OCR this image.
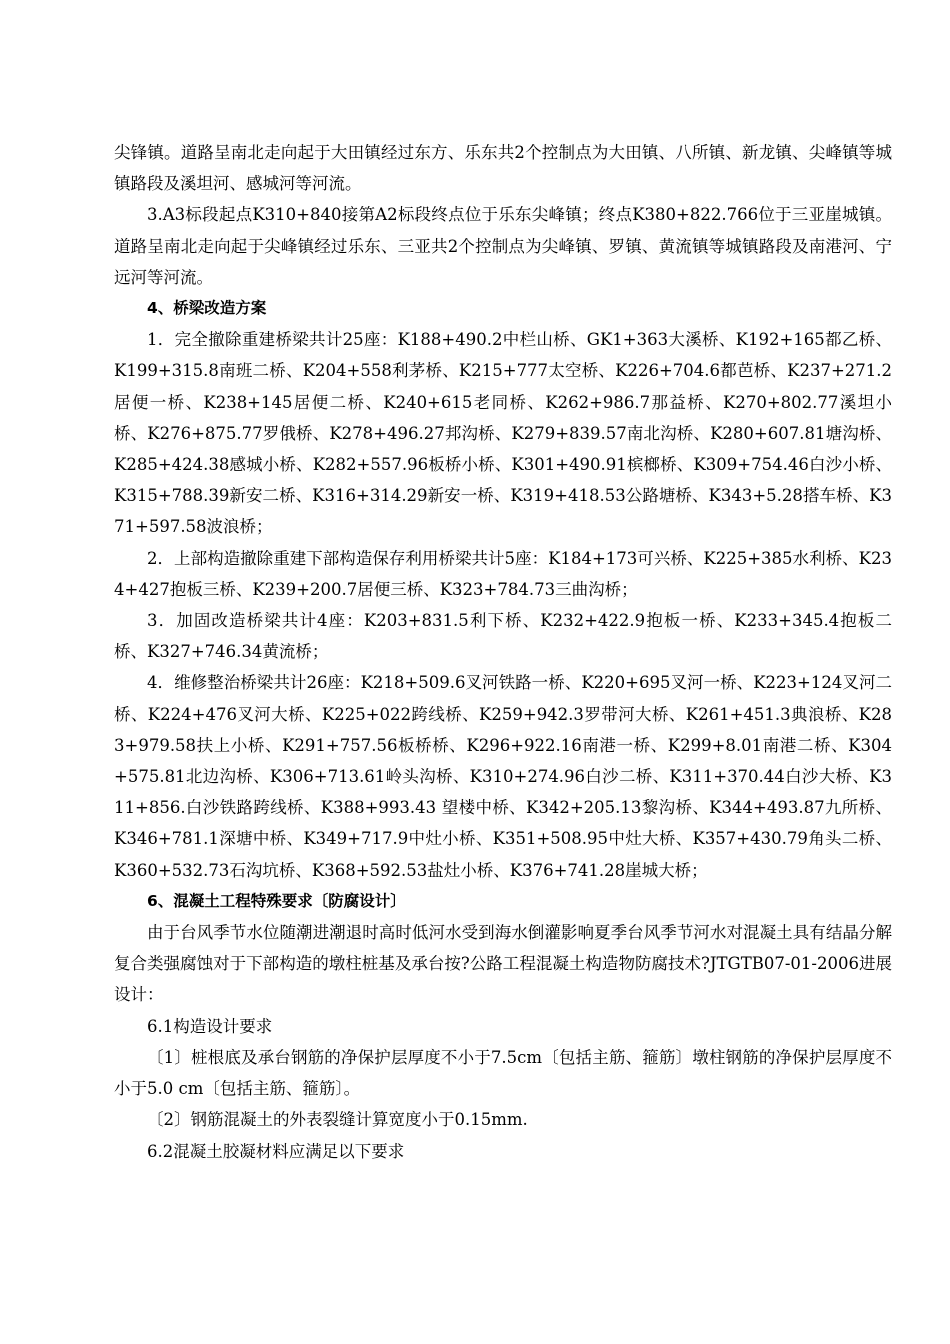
尖锋镇。道路呈南北走向起于大田镇经过东方、乐东共2个控制点为大田镇、八所镇、新龙镇、尖峰镇等城镇路段及溪坦河、感城河等河流。

3.A3标段起点K310+840接第A2标段终点位于乐东尖峰镇；终点K380+822.766位于三亚崖城镇。道路呈南北走向起于尖峰镇经过乐东、三亚共2个控制点为尖峰镇、罗镇、黄流镇等城镇路段及南港河、宁远河等河流。

4、桥梁改造方案

1．完全撤除重建桥梁共计25座：K188+490.2中栏山桥、GK1+363大溪桥、K192+165都乙桥、K199+315.8南班二桥、K204+558利茅桥、K215+777太空桥、K226+704.6都芭桥、K237+271.2居便一桥、K238+145居便二桥、K240+615老同桥、K262+986.7那益桥、K270+802.77溪坦小桥、K276+875.77罗俄桥、K278+496.27邦沟桥、K279+839.57南北沟桥、K280+607.81塘沟桥、K285+424.38感城小桥、K282+557.96板桥小桥、K301+490.91槟榔桥、K309+754.46白沙小桥、K315+788.39新安二桥、K316+314.29新安一桥、K319+418.53公路塘桥、K343+5.28搭车桥、K371+597.58波浪桥；

2．上部构造撤除重建下部构造保存利用桥梁共计5座：K184+173可兴桥、K225+385水利桥、K234+427抱板三桥、K239+200.7居便三桥、K323+784.73三曲沟桥；

3．加固改造桥梁共计4座：K203+831.5利下桥、K232+422.9抱板一桥、K233+345.4抱板二桥、K327+746.34黄流桥；

4．维修整治桥梁共计26座：K218+509.6叉河铁路一桥、K220+695叉河一桥、K223+124叉河二桥、K224+476叉河大桥、K225+022跨线桥、K259+942.3罗带河大桥、K261+451.3典浪桥、K283+979.58扶上小桥、K291+757.56板桥桥、K296+922.16南港一桥、K299+8.01南港二桥、K304+575.81北边沟桥、K306+713.61岭头沟桥、K310+274.96白沙二桥、K311+370.44白沙大桥、K311+856.白沙铁路跨线桥、K388+993.43 望楼中桥、K342+205.13黎沟桥、K344+493.87九所桥、K346+781.1深塘中桥、K349+717.9中灶小桥、K351+508.95中灶大桥、K357+430.79角头二桥、K360+532.73石沟坑桥、K368+592.53盐灶小桥、K376+741.28崖城大桥；

6、混凝土工程特殊要求〔防腐设计〕

由于台风季节水位随潮进潮退时高时低河水受到海水倒灌影响夏季台风季节河水对混凝土具有结晶分解复合类强腐蚀对于下部构造的墩柱桩基及承台按?公路工程混凝土构造物防腐技术?JTGTB07-01-2006进展设计：

6.1构造设计要求

〔1〕桩根底及承台钢筋的净保护层厚度不小于7.5cm〔包括主筋、箍筋〕墩柱钢筋的净保护层厚度不小于5.0 cm〔包括主筋、箍筋〕。

〔2〕钢筋混凝土的外表裂缝计算宽度小于0.15mm.

6.2混凝土胶凝材料应满足以下要求
